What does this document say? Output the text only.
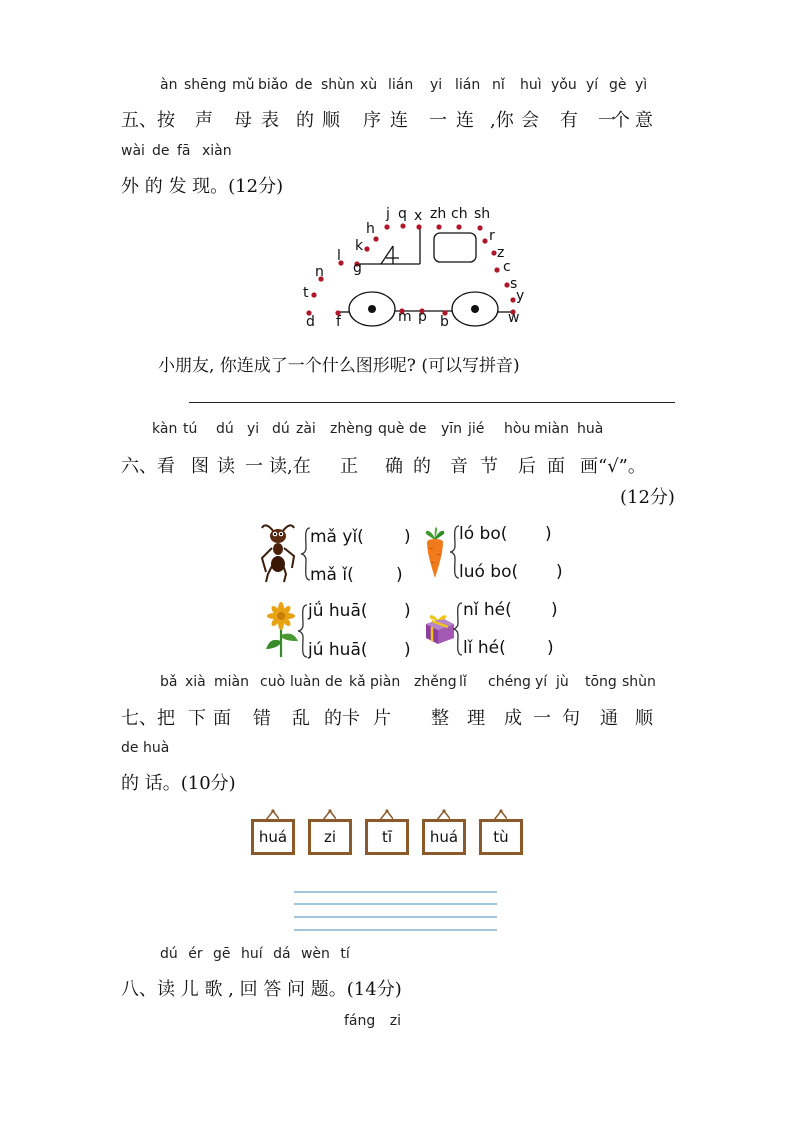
àn shēng mǔ biǎo de shùn xù lián yi lián nǐ huì yǒu yí gè yì
五、按 声 母 表 的 顺 序 连 一 连 ,你 会 有 一
个 意
wài de fā xiàn
外 的 发 现。(12分)
j q x zh ch sh
h	r
k	z
l
g	c
n
s
t	y
d f	m p b	w
小朋友, 你连成了一个什么图形呢? (可以写拼音)
kàn tú dú yi dú zài zhèng què de yīn jié hòu miàn huà
六、看 图 读 一 读,在 正 确 的 音 节 后 面 画“√”。
(12分)
mǎ yǐ( )
mǎ ǐ( )
ló bo( )
luó bo( )
jǘ huā( )
jú huā( )
nǐ hé( )
lǐ hé( )
bǎ xià miàn cuò luàn de kǎ piàn zhěng lǐ chéng yí jù tōng shùn
七、把 下 面 错 乱 的卡 片 整 理 成 一 句 通 顺
de huà
的 话。(10分)
huá	zi	tī	huá	tù
dú ér gē huí dá wèn tí
八、读 儿 歌 , 回 答 问 题。(14分)
fáng zi
